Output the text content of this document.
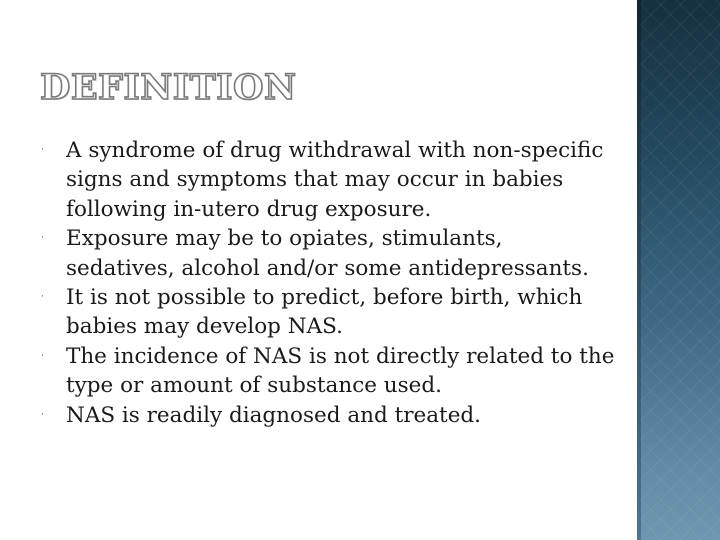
DEFINITION
· A syndrome of drug withdrawal with non-specific signs and symptoms that may occur in babies following in-utero drug exposure.
· Exposure may be to opiates, stimulants, sedatives, alcohol and/or some antidepressants.
· It is not possible to predict, before birth, which babies may develop NAS.
· The incidence of NAS is not directly related to the type or amount of substance used.
· NAS is readily diagnosed and treated.
